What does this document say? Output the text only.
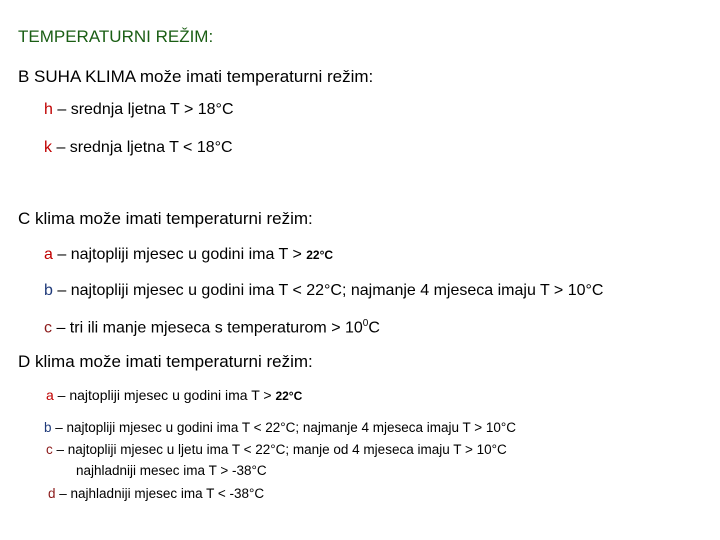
TEMPERATURNI REŽIM:
B SUHA KLIMA može imati temperaturni režim:
h – srednja ljetna T > 18°C
k – srednja ljetna T < 18°C
C klima može imati temperaturni režim:
a – najtopliji mjesec u godini ima T > 22°C
b – najtopliji mjesec u godini ima T < 22°C; najmanje 4 mjeseca imaju T > 10°C
c – tri ili manje mjeseca s temperaturom > $10^0C$
D klima može imati temperaturni režim:
a – najtopliji mjesec u godini ima T > 22°C
b – najtopliji mjesec u godini ima T < 22°C; najmanje 4 mjeseca imaju T > 10°C
c – najtopliji mjesec u ljetu ima T < 22°C; manje od 4 mjeseca imaju T > 10°C
najhladniji mesec ima T > -38°C
d – najhladniji mjesec ima T < -38°C
